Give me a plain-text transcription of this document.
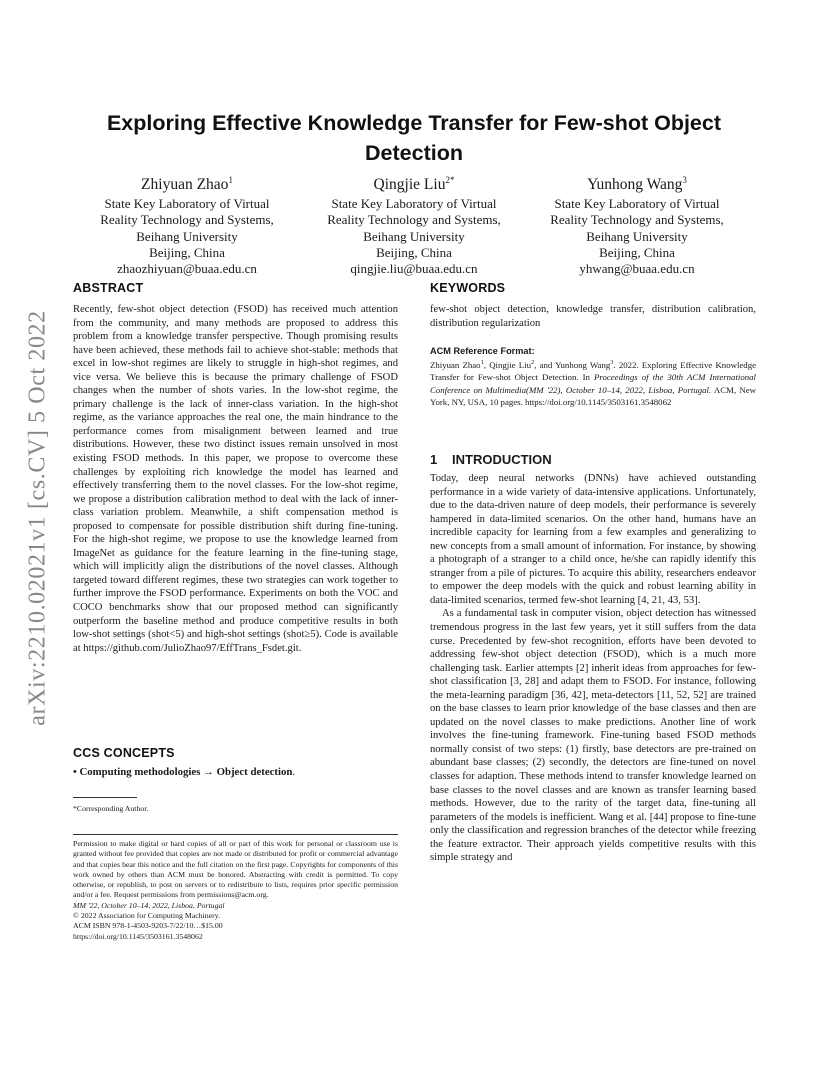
Exploring Effective Knowledge Transfer for Few-shot Object Detection
Zhiyuan Zhao$^1$
State Key Laboratory of Virtual
Reality Technology and Systems,
Beihang University
Beijing, China
zhaozhiyuan@buaa.edu.cn
Qingjie Liu$^{2*}$
State Key Laboratory of Virtual
Reality Technology and Systems,
Beihang University
Beijing, China
qingjie.liu@buaa.edu.cn
Yunhong Wang$^3$
State Key Laboratory of Virtual
Reality Technology and Systems,
Beihang University
Beijing, China
yhwang@buaa.edu.cn
arXiv:2210.02021v1 [cs.CV] 5 Oct 2022
ABSTRACT

Recently, few-shot object detection (FSOD) has received much attention from the community, and many methods are proposed to address this problem from a knowledge transfer perspective. Though promising results have been achieved, these methods fail to achieve shot-stable: methods that excel in low-shot regimes are likely to struggle in high-shot regimes, and vice versa. We believe this is because the primary challenge of FSOD changes when the number of shots varies. In the low-shot regime, the primary challenge is the lack of inner-class variation. In the high-shot regime, as the variance approaches the real one, the main hindrance to the performance comes from misalignment between learned and true distributions. However, these two distinct issues remain unsolved in most existing FSOD methods. In this paper, we propose to overcome these challenges by exploiting rich knowledge the model has learned and effectively transferring them to the novel classes. For the low-shot regime, we propose a distribution calibration method to deal with the lack of inner-class variation problem. Meanwhile, a shift compensation method is proposed to compensate for possible distribution shift during fine-tuning. For the high-shot regime, we propose to use the knowledge learned from ImageNet as guidance for the feature learning in the fine-tuning stage, which will implicitly align the distributions of the novel classes. Although targeted toward different regimes, these two strategies can work together to further improve the FSOD performance. Experiments on both the VOC and COCO benchmarks show that our proposed method can significantly outperform the baseline method and produce competitive results in both low-shot settings (shot<5) and high-shot settings (shot≥5). Code is available at https://github.com/JulioZhao97/EffTrans_Fsdet.git.

CCS CONCEPTS
• Computing methodologies → Object detection.
*Corresponding Author.
Permission to make digital or hard copies of all or part of this work for personal or classroom use is granted without fee provided that copies are not made or distributed for profit or commercial advantage and that copies bear this notice and the full citation on the first page. Copyrights for components of this work owned by others than ACM must be honored. Abstracting with credit is permitted. To copy otherwise, or republish, to post on servers or to redistribute to lists, requires prior specific permission and/or a fee. Request permissions from permissions@acm.org.
MM '22, October 10–14, 2022, Lisboa, Portugal
© 2022 Association for Computing Machinery.
ACM ISBN 978-1-4503-9203-7/22/10…$15.00
https://doi.org/10.1145/3503161.3548062
KEYWORDS

few-shot object detection, knowledge transfer, distribution calibration, distribution regularization

ACM Reference Format:
Zhiyuan Zhao$^1$, Qingjie Liu$^2$, and Yunhong Wang$^3$. 2022. Exploring Effective Knowledge Transfer for Few-shot Object Detection. In Proceedings of the 30th ACM International Conference on Multimedia(MM '22), October 10–14, 2022, Lisboa, Portugal. ACM, New York, NY, USA, 10 pages. https://doi.org/10.1145/3503161.3548062
1 INTRODUCTION

Today, deep neural networks (DNNs) have achieved outstanding performance in a wide variety of data-intensive applications. Unfortunately, due to the data-driven nature of deep models, their performance is severely hampered in data-limited scenarios. On the other hand, humans have an incredible capacity for learning from a few examples and generalizing to new concepts from a small amount of information. For instance, by showing a photograph of a stranger to a child once, he/she can rapidly identify this stranger from a pile of pictures. To acquire this ability, researchers endeavor to empower the deep models with the quick and robust learning ability in data-limited scenarios, termed few-shot learning [4, 21, 43, 53].

As a fundamental task in computer vision, object detection has witnessed tremendous progress in the last few years, yet it still suffers from the data curse. Precedented by few-shot recognition, efforts have been devoted to addressing few-shot object detection (FSOD), which is a much more challenging task. Earlier attempts [2] inherit ideas from approaches for few-shot classification [3, 28] and adapt them to FSOD. For instance, following the meta-learning paradigm [36, 42], meta-detectors [11, 52, 52] are trained on the base classes to learn prior knowledge of the base classes and then are updated on the novel classes to make predictions. Another line of work involves the fine-tuning framework. Fine-tuning based FSOD methods normally consist of two steps: (1) firstly, base detectors are pre-trained on abundant base classes; (2) secondly, the detectors are fine-tuned on novel classes for adaption. These methods intend to transfer knowledge learned on base classes to the novel classes and are known as transfer learning based methods. However, due to the rarity of the target data, fine-tuning all parameters of the models is inefficient. Wang et al. [44] propose to fine-tune only the classification and regression branches of the detector while freezing the feature extractor. Their approach yields competitive results with this simple strategy and
